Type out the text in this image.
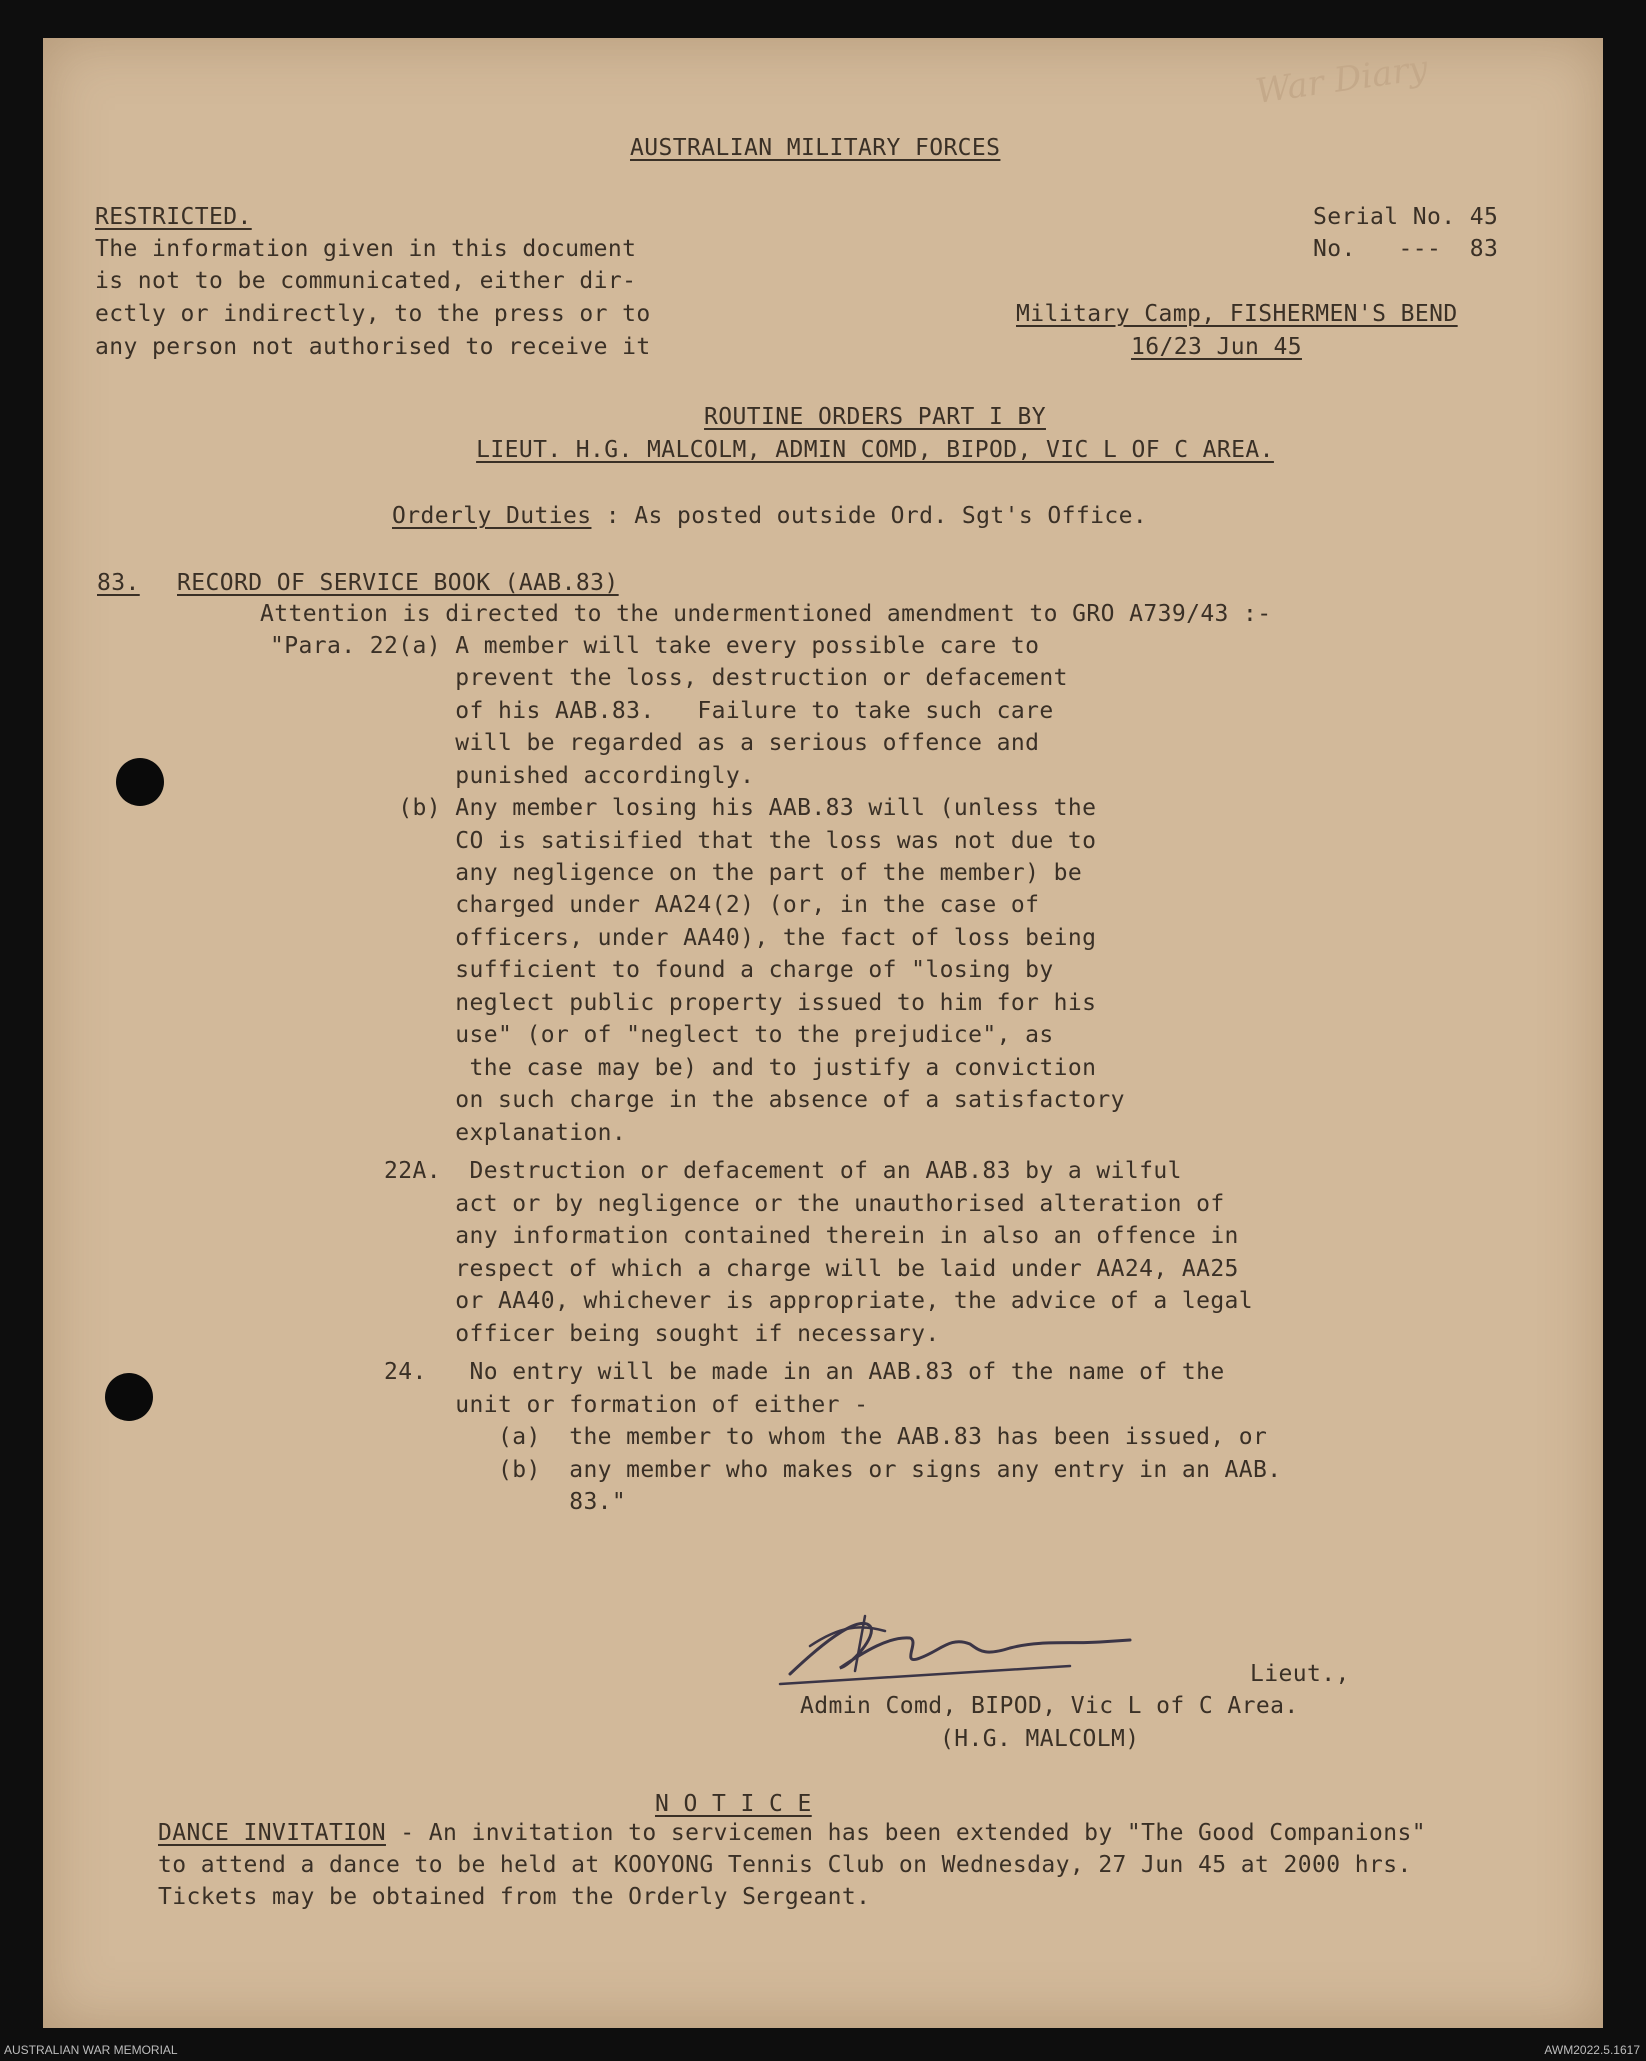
War Diary
AUSTRALIAN MILITARY FORCES
RESTRICTED.
The information given in this document
is not to be communicated, either dir-
ectly or indirectly, to the press or to
any person not authorised to receive it
Serial No. 45
No.   ---  83
Military Camp, FISHERMEN'S BEND
16/23 Jun 45
ROUTINE ORDERS PART I BY
LIEUT. H.G. MALCOLM, ADMIN COMD, BIPOD, VIC L OF C AREA.
Orderly Duties : As posted outside Ord. Sgt's Office.
83. RECORD OF SERVICE BOOK (AAB.83)
Attention is directed to the undermentioned amendment to GRO A739/43 :-
"Para. 22(a) A member will take every possible care to
prevent the loss, destruction or defacement
of his AAB.83.   Failure to take such care
will be regarded as a serious offence and
punished accordingly.
(b) Any member losing his AAB.83 will (unless the
CO is satisified that the loss was not due to
any negligence on the part of the member) be
charged under AA24(2) (or, in the case of
officers, under AA40), the fact of loss being
sufficient to found a charge of "losing by
neglect public property issued to him for his
use" (or of "neglect to the prejudice", as
the case may be) and to justify a conviction
on such charge in the absence of a satisfactory
explanation.
22A.  Destruction or defacement of an AAB.83 by a wilful
act or by negligence or the unauthorised alteration of
any information contained therein in also an offence in
respect of which a charge will be laid under AA24, AA25
or AA40, whichever is appropriate, the advice of a legal
officer being sought if necessary.
24.   No entry will be made in an AAB.83 of the name of the
unit or formation of either -
(a)  the member to whom the AAB.83 has been issued, or
(b)  any member who makes or signs any entry in an AAB.
83."
Lieut.,
Admin Comd, BIPOD, Vic L of C Area.
(H.G. MALCOLM)
N O T I C E
DANCE INVITATION - An invitation to servicemen has been extended by "The Good Companions"
to attend a dance to be held at KOOYONG Tennis Club on Wednesday, 27 Jun 45 at 2000 hrs.
Tickets may be obtained from the Orderly Sergeant.
AUSTRALIAN WAR MEMORIAL	AWM2022.5.1617
